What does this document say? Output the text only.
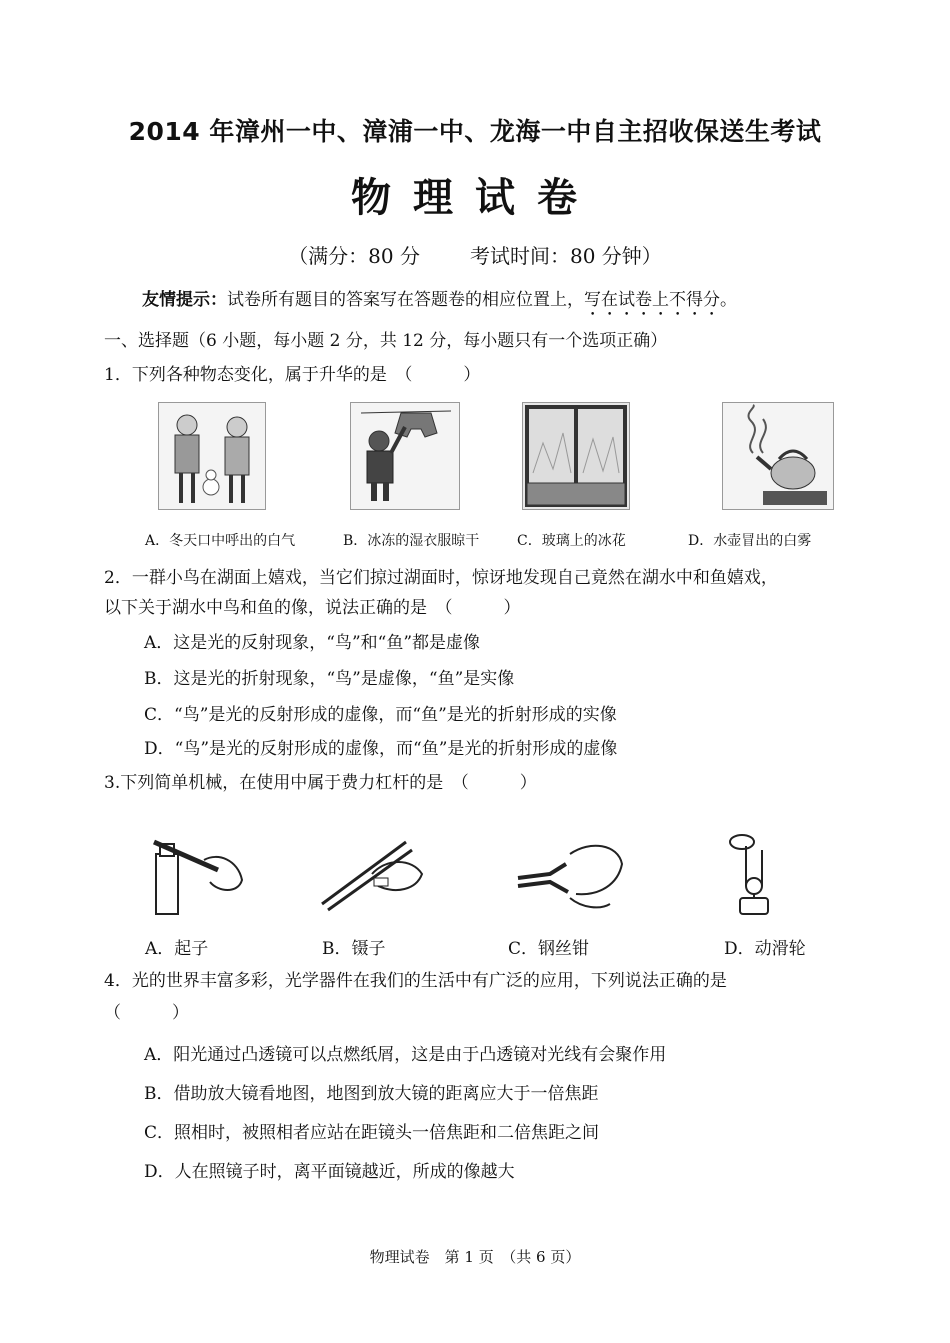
2014 年漳州一中、漳浦一中、龙海一中自主招收保送生考试
物理试卷
（满分：80 分	考试时间：80 分钟）
友情提示：试卷所有题目的答案写在答题卷的相应位置上，写在试卷上不得分。
一、选择题（6 小题，每小题 2 分，共 12 分，每小题只有一个选项正确）
1．下列各种物态变化，属于升华的是　（　　　）
A．冬天口中呼出的白气	B．冰冻的湿衣服晾干	C．玻璃上的冰花	D．水壶冒出的白雾
2．一群小鸟在湖面上嬉戏，当它们掠过湖面时，惊讶地发现自己竟然在湖水中和鱼嬉戏，
以下关于湖水中鸟和鱼的像，说法正确的是　（　　　）
A．这是光的反射现象，“鸟”和“鱼”都是虚像
B．这是光的折射现象，“鸟”是虚像，“鱼”是实像
C．“鸟”是光的反射形成的虚像，而“鱼”是光的折射形成的实像
D．“鸟”是光的反射形成的虚像，而“鱼”是光的折射形成的虚像
3.下列简单机械，在使用中属于费力杠杆的是　（　　　）
A．起子	B．镊子	C．钢丝钳	D．动滑轮
4．光的世界丰富多彩，光学器件在我们的生活中有广泛的应用，下列说法正确的是
（　　　）
A．阳光通过凸透镜可以点燃纸屑，这是由于凸透镜对光线有会聚作用
B．借助放大镜看地图，地图到放大镜的距离应大于一倍焦距
C．照相时，被照相者应站在距镜头一倍焦距和二倍焦距之间
D．人在照镜子时，离平面镜越近，所成的像越大
物理试卷　第 1 页　（共 6 页）
